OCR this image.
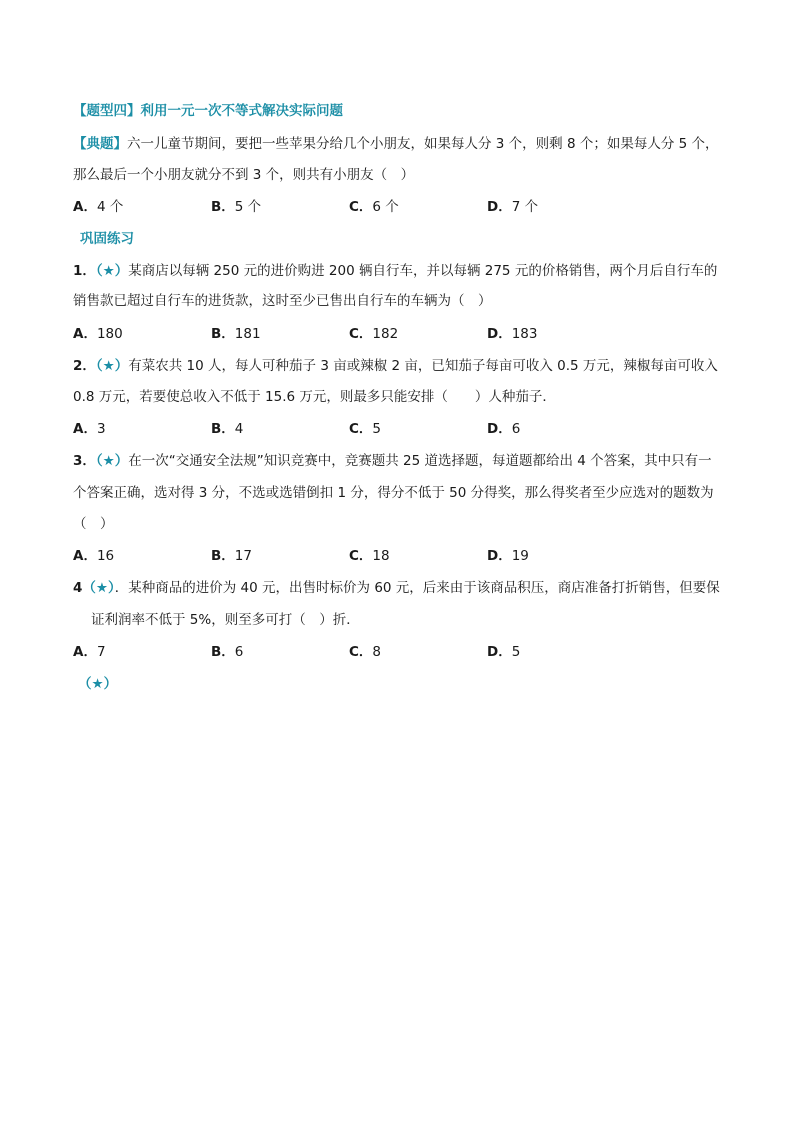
【题型四】利用一元一次不等式解决实际问题
【典题】六一儿童节期间，要把一些苹果分给几个小朋友，如果每人分 3 个，则剩 8 个；如果每人分 5 个，
那么最后一个小朋友就分不到 3 个，则共有小朋友（　）
A．4 个	B．5 个	C．6 个	D．7 个
巩固练习
1．（★）某商店以每辆 250 元的进价购进 200 辆自行车，并以每辆 275 元的价格销售，两个月后自行车的
销售款已超过自行车的进货款，这时至少已售出自行车的车辆为（　）
A．180	B．181	C．182	D．183
2．（★）有菜农共 10 人，每人可种茄子 3 亩或辣椒 2 亩，已知茄子每亩可收入 0.5 万元，辣椒每亩可收入
0.8 万元，若要使总收入不低于 15.6 万元，则最多只能安排（　　）人种茄子．
A．3	B．4	C．5	D．6
3．（★）在一次“交通安全法规”知识竞赛中，竞赛题共 25 道选择题，每道题都给出 4 个答案，其中只有一
个答案正确，选对得 3 分，不选或选错倒扣 1 分，得分不低于 50 分得奖，那么得奖者至少应选对的题数为
（　）
A．16	B．17	C．18	D．19
4（★）．某种商品的进价为 40 元，出售时标价为 60 元，后来由于该商品积压，商店准备打折销售，但要保
证利润率不低于 5%，则至多可打（　）折．
A．7	B．6	C．8	D．5
（★）
